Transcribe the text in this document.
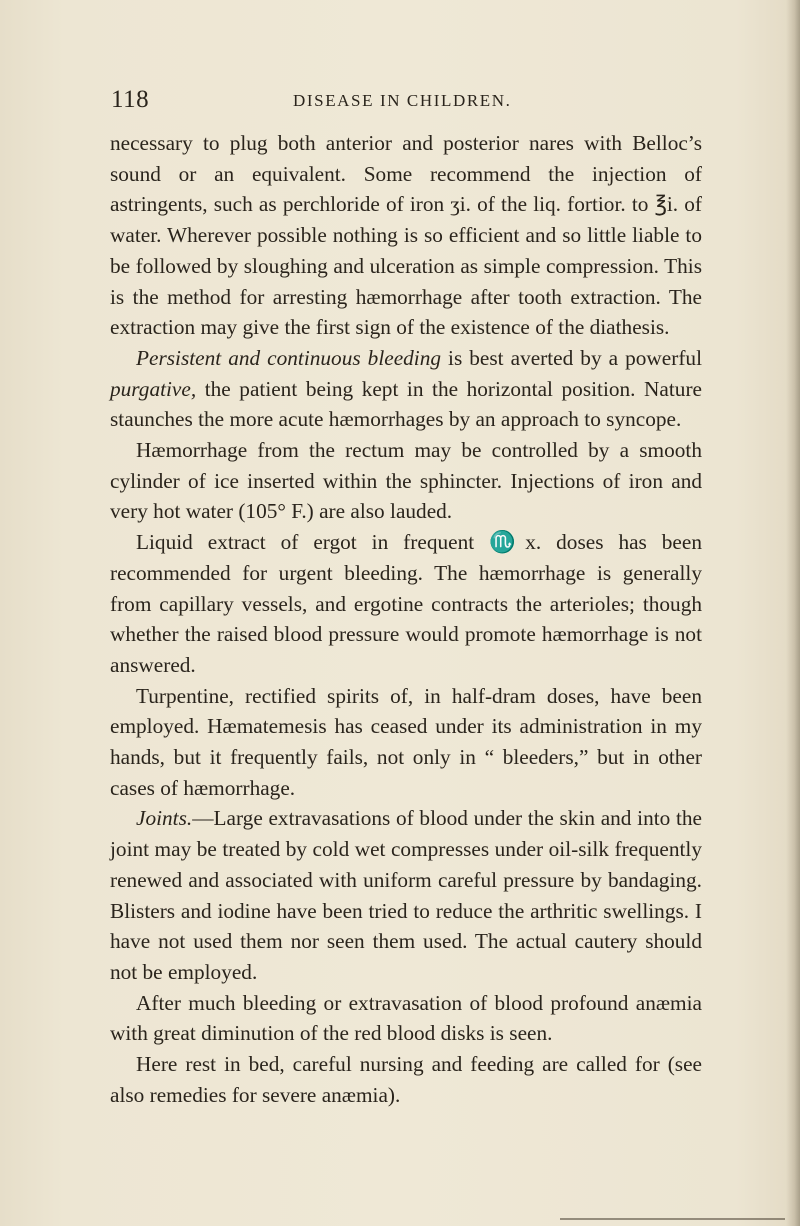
118	DISEASE IN CHILDREN.

necessary to plug both anterior and posterior nares with Belloc’s sound or an equivalent. Some recommend the injection of astringents, such as perchloride of iron ʒi. of the liq. fortior. to ℥i. of water. Wherever possible nothing is so efficient and so little liable to be followed by sloughing and ulceration as simple compression. This is the method for arresting hæmorrhage after tooth extraction. The extraction may give the first sign of the existence of the diathesis.

Persistent and continuous bleeding is best averted by a powerful purgative, the patient being kept in the horizontal position. Nature staunches the more acute hæmorrhages by an approach to syncope.

Hæmorrhage from the rectum may be controlled by a smooth cylinder of ice inserted within the sphincter. Injections of iron and very hot water (105° F.) are also lauded.

Liquid extract of ergot in frequent ♏x. doses has been recommended for urgent bleeding. The hæmorrhage is generally from capillary vessels, and ergotine contracts the arterioles; though whether the raised blood pressure would promote hæmorrhage is not answered.

Turpentine, rectified spirits of, in half-dram doses, have been employed. Hæmatemesis has ceased under its administration in my hands, but it frequently fails, not only in “ bleeders,” but in other cases of hæmorrhage.

Joints.—Large extravasations of blood under the skin and into the joint may be treated by cold wet compresses under oil-silk frequently renewed and associated with uniform careful pressure by bandaging. Blisters and iodine have been tried to reduce the arthritic swellings. I have not used them nor seen them used. The actual cautery should not be employed.

After much bleeding or extravasation of blood profound anæmia with great diminution of the red blood disks is seen.

Here rest in bed, careful nursing and feeding are called for (see also remedies for severe anæmia).
